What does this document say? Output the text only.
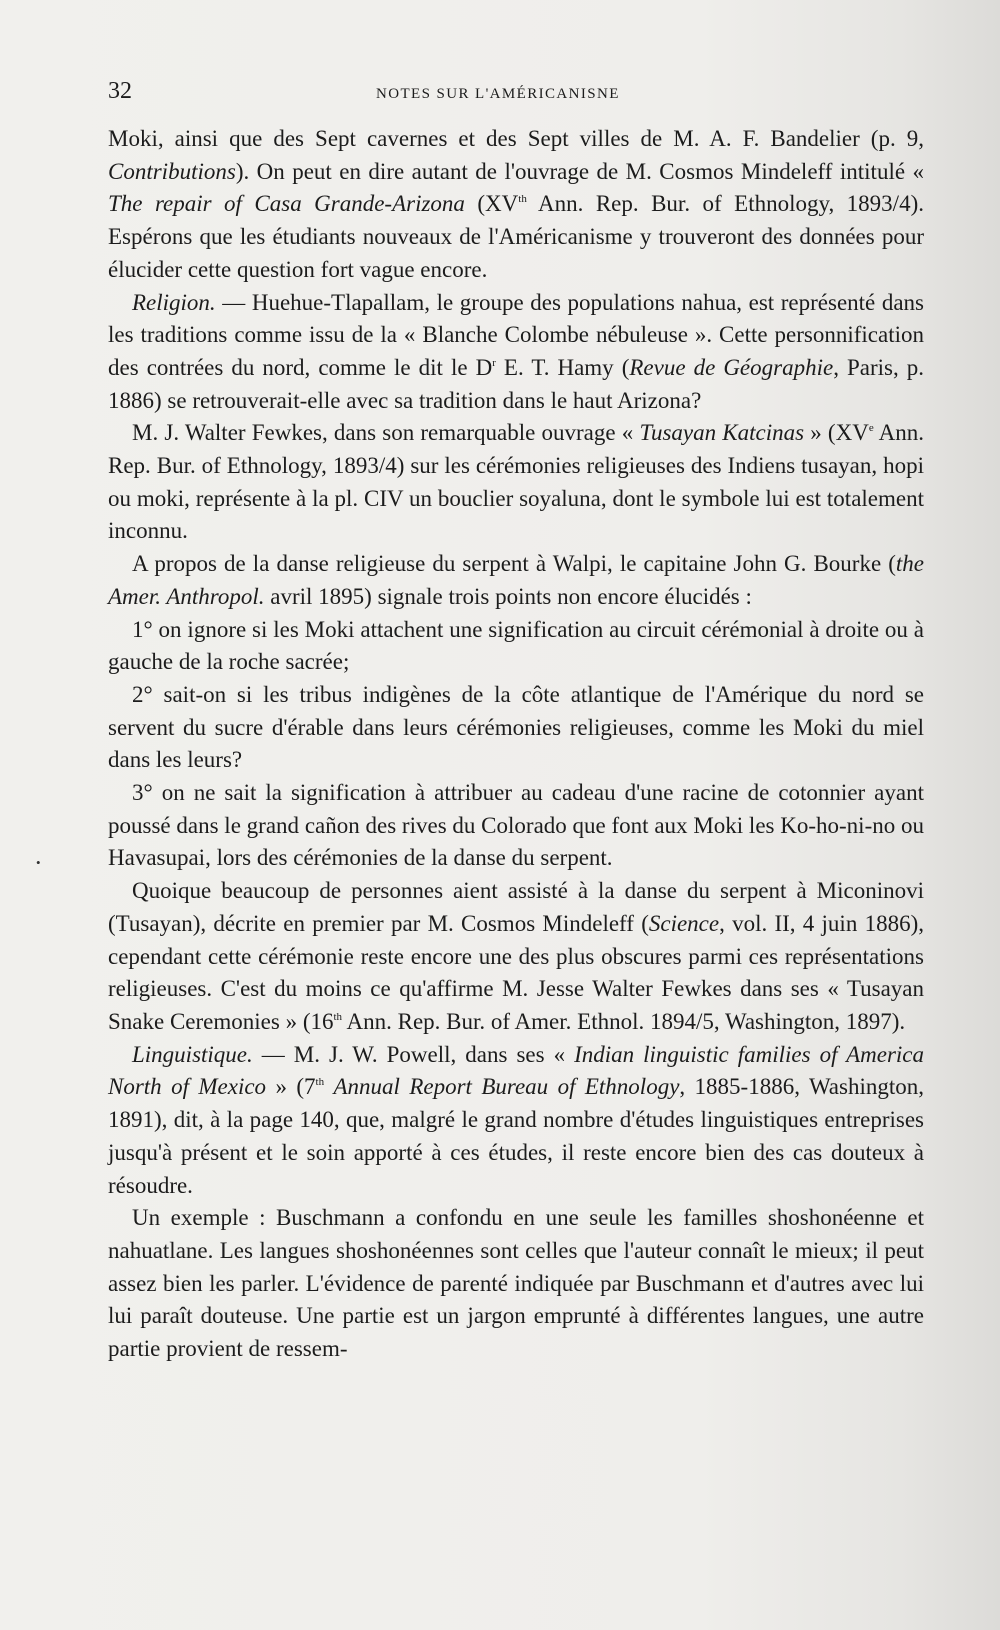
32	NOTES SUR L'AMÉRICANISNE
•

Moki, ainsi que des Sept cavernes et des Sept villes de M. A. F. Bandelier (p. 9, Contributions). On peut en dire autant de l'ouvrage de M. Cosmos Mindeleff intitulé « The repair of Casa Grande-Arizona (XVth Ann. Rep. Bur. of Ethnology, 1893/4). Espérons que les étudiants nouveaux de l'Américanisme y trouveront des données pour élucider cette question fort vague encore.

Religion. — Huehue-Tlapallam, le groupe des populations nahua, est représenté dans les traditions comme issu de la « Blanche Colombe nébuleuse ». Cette personnification des contrées du nord, comme le dit le $D^r$ E. T. Hamy (Revue de Géographie, Paris, p. 1886) se retrouverait-elle avec sa tradition dans le haut Arizona?

M. J. Walter Fewkes, dans son remarquable ouvrage « Tusayan Katcinas » (XVe Ann. Rep. Bur. of Ethnology, 1893/4) sur les cérémonies religieuses des Indiens tusayan, hopi ou moki, représente à la pl. CIV un bouclier soyaluna, dont le symbole lui est totalement inconnu.

A propos de la danse religieuse du serpent à Walpi, le capitaine John G. Bourke (the Amer. Anthropol. avril 1895) signale trois points non encore élucidés :

1° on ignore si les Moki attachent une signification au circuit cérémonial à droite ou à gauche de la roche sacrée;

2° sait-on si les tribus indigènes de la côte atlantique de l'Amérique du nord se servent du sucre d'érable dans leurs cérémonies religieuses, comme les Moki du miel dans les leurs?

3° on ne sait la signification à attribuer au cadeau d'une racine de cotonnier ayant poussé dans le grand cañon des rives du Colorado que font aux Moki les Ko-ho-ni-no ou Havasupai, lors des cérémonies de la danse du serpent.

Quoique beaucoup de personnes aient assisté à la danse du serpent à Miconinovi (Tusayan), décrite en premier par M. Cosmos Mindeleff (Science, vol. II, 4 juin 1886), cependant cette cérémonie reste encore une des plus obscures parmi ces représentations religieuses. C'est du moins ce qu'affirme M. Jesse Walter Fewkes dans ses « Tusayan Snake Ceremonies » (16th Ann. Rep. Bur. of Amer. Ethnol. 1894/5, Washington, 1897).

Linguistique. — M. J. W. Powell, dans ses « Indian linguistic families of America North of Mexico » (7th Annual Report Bureau of Ethnology, 1885-1886, Washington, 1891), dit, à la page 140, que, malgré le grand nombre d'études linguistiques entreprises jusqu'à présent et le soin apporté à ces études, il reste encore bien des cas douteux à résoudre.

Un exemple : Buschmann a confondu en une seule les familles shoshonéenne et nahuatlane. Les langues shoshonéennes sont celles que l'auteur connaît le mieux; il peut assez bien les parler. L'évidence de parenté indiquée par Buschmann et d'autres avec lui lui paraît douteuse. Une partie est un jargon emprunté à différentes langues, une autre partie provient de ressem-
